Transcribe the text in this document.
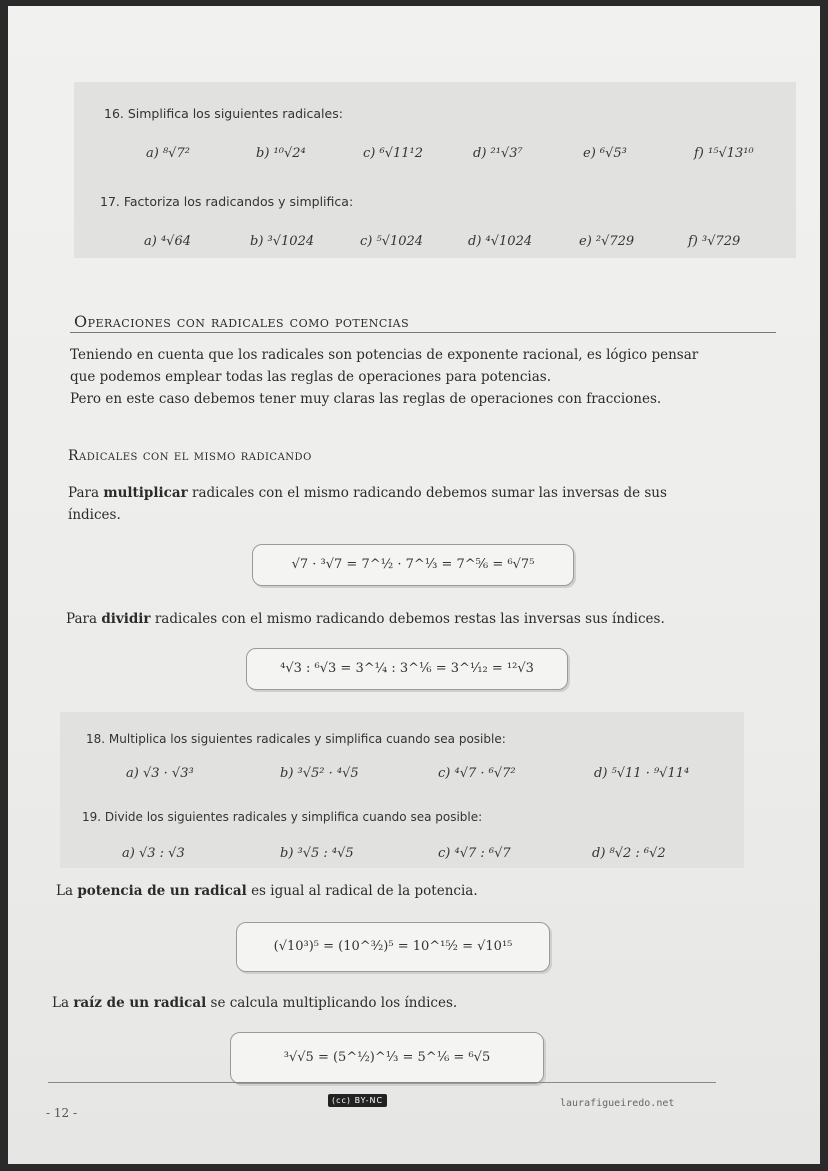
16. Simplifica los siguientes radicales:
a) ⁸√7²	b) ¹⁰√2⁴	c) ⁶√11¹2	d) ²¹√3⁷	e) ⁶√5³	f) ¹⁵√13¹⁰
17. Factoriza los radicandos y simplifica:
a) ⁴√64	b) ³√1024	c) ⁵√1024	d) ⁴√1024	e) ²√729	f) ³√729
Operaciones con radicales como potencias
Teniendo en cuenta que los radicales son potencias de exponente racional, es lógico pensar
que podemos emplear todas las reglas de operaciones para potencias.
Pero en este caso debemos tener muy claras las reglas de operaciones con fracciones.
Radicales con el mismo radicando
Para multiplicar radicales con el mismo radicando debemos sumar las inversas de sus
índices.
√7 · ³√7 = 7^½ · 7^⅓ = 7^⅚ = ⁶√7⁵
Para dividir radicales con el mismo radicando debemos restas las inversas sus índices.
⁴√3 : ⁶√3 = 3^¼ : 3^⅙ = 3^¹⁄₁₂ = ¹²√3
18. Multiplica los siguientes radicales y simplifica cuando sea posible:
a) √3 · √3³	b) ³√5² · ⁴√5	c) ⁴√7 · ⁶√7²	d) ⁵√11 · ⁹√11⁴
19. Divide los siguientes radicales y simplifica cuando sea posible:
a) √3 : √3	b) ³√5 : ⁴√5	c) ⁴√7 : ⁶√7	d) ⁸√2 : ⁶√2
La potencia de un radical es igual al radical de la potencia.
(√10³)⁵ = (10^³⁄₂)⁵ = 10^¹⁵⁄₂ = √10¹⁵
La raíz de un radical se calcula multiplicando los índices.
³√√5 = (5^½)^⅓ = 5^⅙ = ⁶√5
- 12 -
(cc) BY-NC	laurafigueiredo.net
